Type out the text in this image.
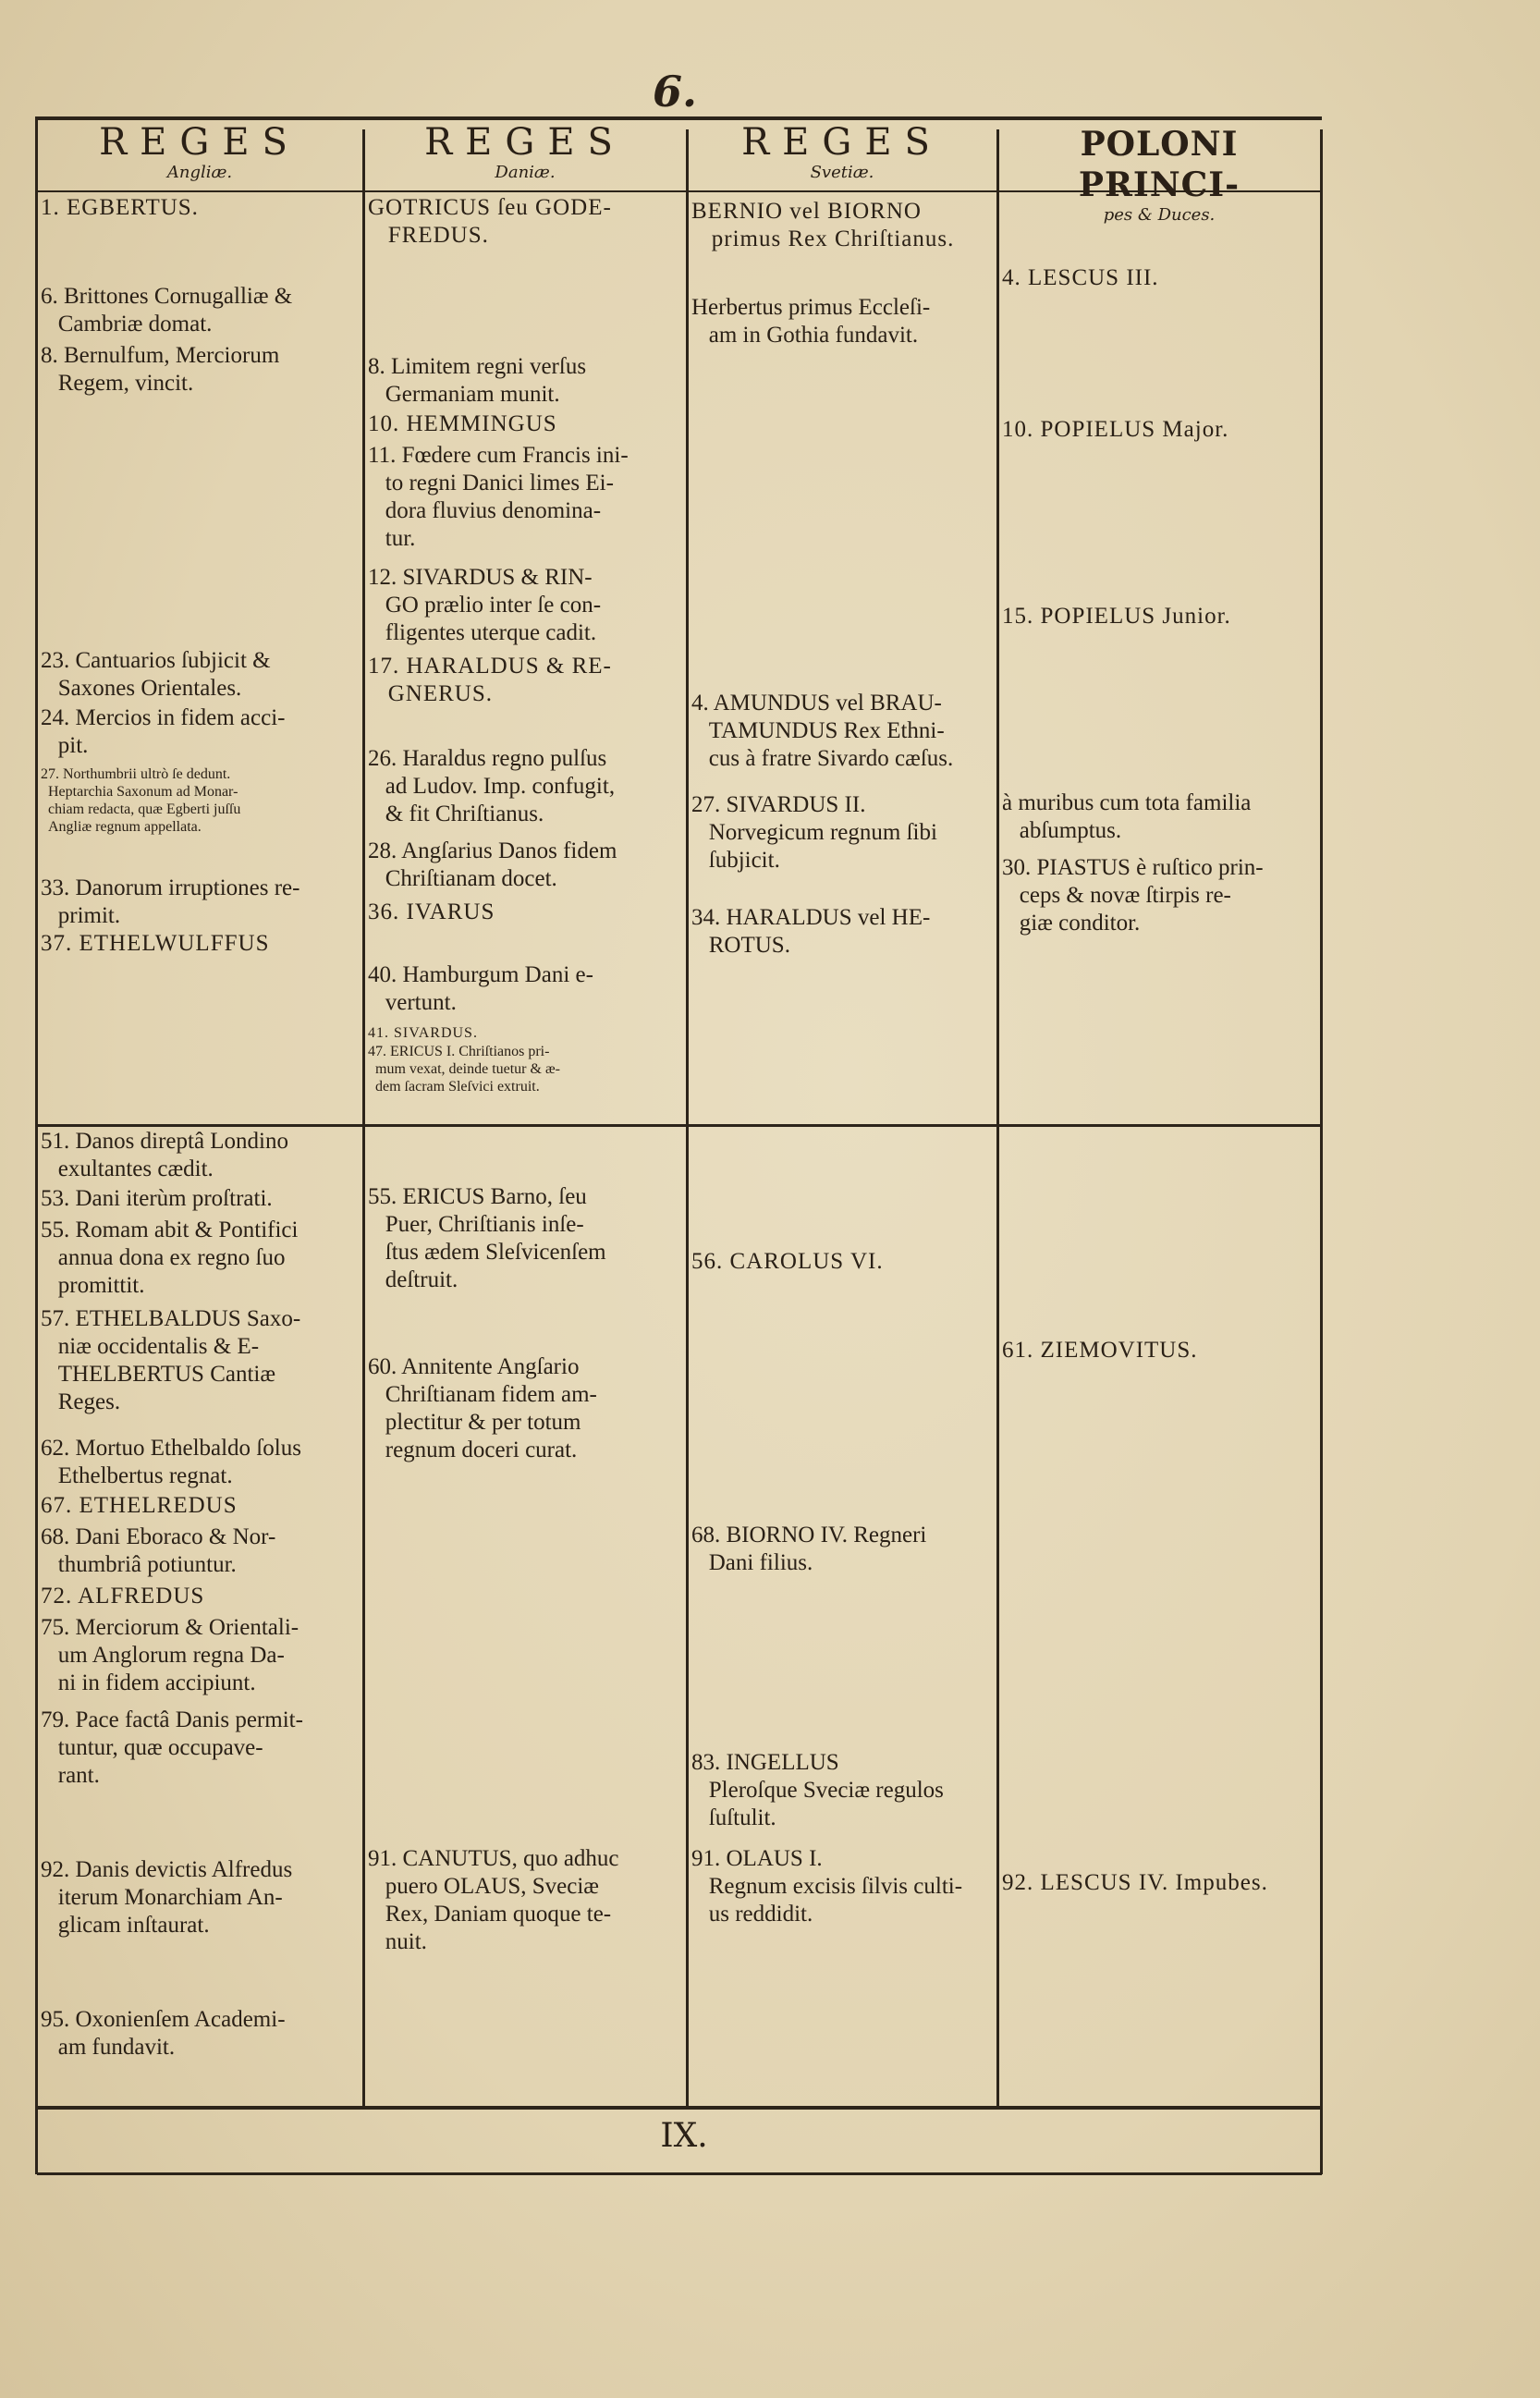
6.
REGES
Angliæ.
REGES
Daniæ.
REGES
Svetiæ.
POLONI PRINCI-
pes & Duces.
1. EGBERTUS.
6. Brittones Cornugalliæ &
Cambriæ domat.
8. Bernulfum, Merciorum
Regem, vincit.
23. Cantuarios ſubjicit &
Saxones Orientales.
24. Mercios in fidem acci-
pit.
27. Northumbrii ultrò ſe dedunt.
Heptarchia Saxonum ad Monar-
chiam redacta, quæ Egberti juſſu
Angliæ regnum appellata.
33. Danorum irruptiones re-
primit.
37. ETHELWULFFUS
51. Danos direptâ Londino
exultantes cædit.
53. Dani iterùm proſtrati.
55. Romam abit & Pontifici
annua dona ex regno ſuo
promittit.
57. ETHELBALDUS Saxo-
niæ occidentalis & E-
THELBERTUS Cantiæ
Reges.
62. Mortuo Ethelbaldo ſolus
Ethelbertus regnat.
67. ETHELREDUS
68. Dani Eboraco & Nor-
thumbriâ potiuntur.
72. ALFREDUS
75. Merciorum & Orientali-
um Anglorum regna Da-
ni in fidem accipiunt.
79. Pace factâ Danis permit-
tuntur, quæ occupave-
rant.
92. Danis devictis Alfredus
iterum Monarchiam An-
glicam inſtaurat.
95. Oxonienſem Academi-
am fundavit.
GOTRICUS ſeu GODE-
FREDUS.
8. Limitem regni verſus
Germaniam munit.
10. HEMMINGUS
11. Fœdere cum Francis ini-
to regni Danici limes Ei-
dora fluvius denomina-
tur.
12. SIVARDUS & RIN-
GO prælio inter ſe con-
fligentes uterque cadit.
17. HARALDUS & RE-
GNERUS.
26. Haraldus regno pulſus
ad Ludov. Imp. confugit,
& fit Chriſtianus.
28. Angſarius Danos fidem
Chriſtianam docet.
36. IVARUS
40. Hamburgum Dani e-
vertunt.
41. SIVARDUS.
47. ERICUS I. Chriſtianos pri-
mum vexat, deinde tuetur & æ-
dem ſacram Sleſvici extruit.
55. ERICUS Barno, ſeu
Puer, Chriſtianis inſe-
ſtus ædem Sleſvicenſem
deſtruit.
60. Annitente Angſario
Chriſtianam fidem am-
plectitur & per totum
regnum doceri curat.
91. CANUTUS, quo adhuc
puero OLAUS, Sveciæ
Rex, Daniam quoque te-
nuit.
BERNIO vel BIORNO
primus Rex Chriſtianus.
Herbertus primus Eccleſi-
am in Gothia fundavit.
4. AMUNDUS vel BRAU-
TAMUNDUS Rex Ethni-
cus à fratre Sivardo cæſus.
27. SIVARDUS II.
Norvegicum regnum ſibi
ſubjicit.
34. HARALDUS vel HE-
ROTUS.
56. CAROLUS VI.
68. BIORNO IV. Regneri
Dani filius.
83. INGELLUS
Pleroſque Sveciæ regulos
ſuſtulit.
91. OLAUS I.
Regnum excisis ſilvis culti-
us reddidit.
4. LESCUS III.
10. POPIELUS Major.
15. POPIELUS Junior.
à muribus cum tota familia
abſumptus.
30. PIASTUS è ruſtico prin-
ceps & novæ ſtirpis re-
giæ conditor.
61. ZIEMOVITUS.
92. LESCUS IV. Impubes.
IX.
